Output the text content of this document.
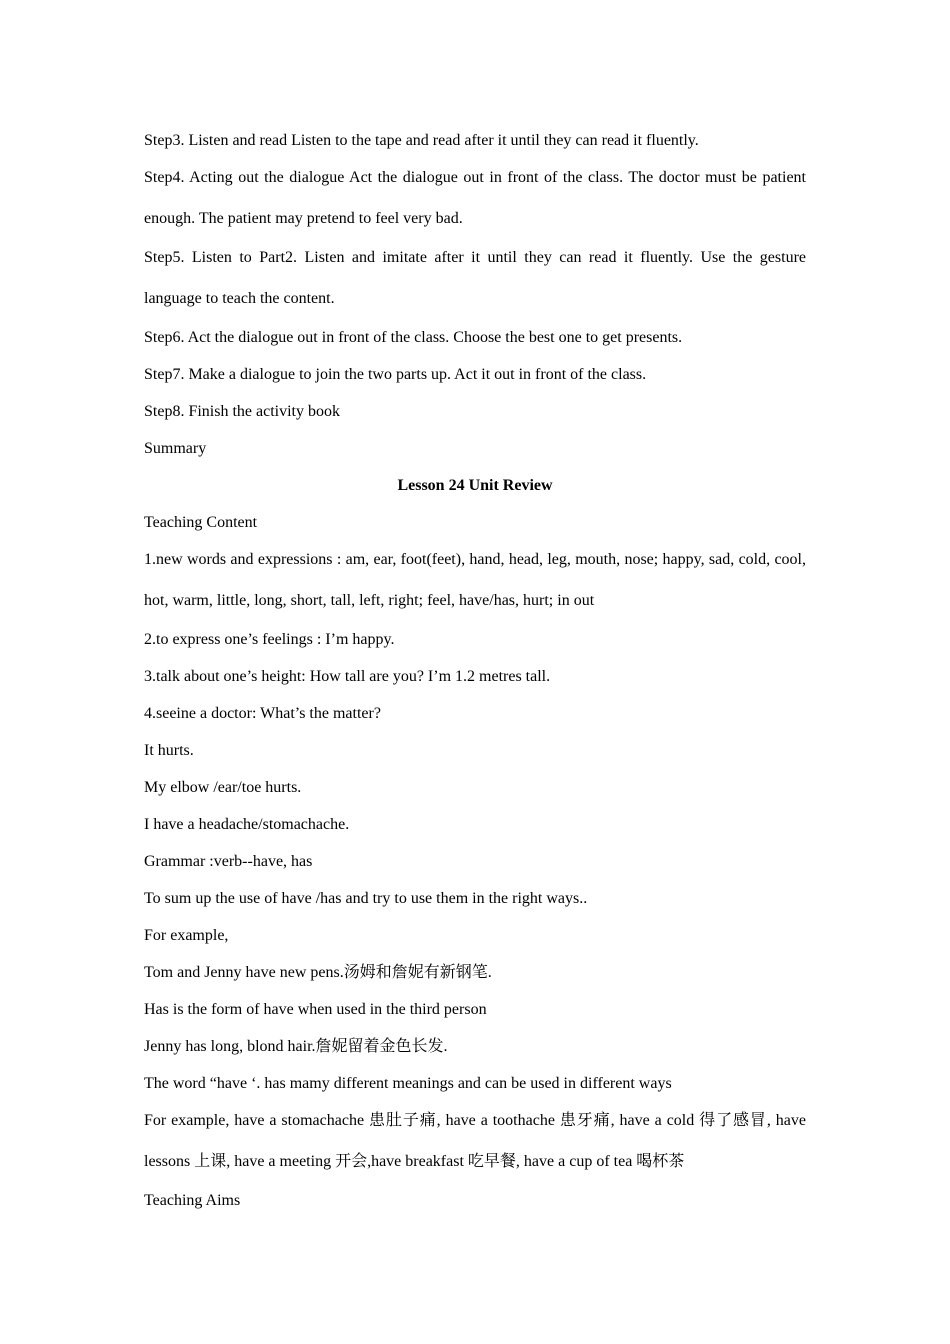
Step3. Listen and read Listen to the tape and read after it until they can read it fluently.

Step4. Acting out the dialogue Act the dialogue out in front of the class. The doctor must be patient enough. The patient may pretend to feel very bad.

Step5. Listen to Part2. Listen and imitate after it until they can read it fluently. Use the gesture language to teach the content.

Step6. Act the dialogue out in front of the class. Choose the best one to get presents.

Step7. Make a dialogue to join the two parts up. Act it out in front of the class.

Step8. Finish the activity book

Summary

Lesson 24 Unit Review

Teaching Content

1.new words and expressions : am, ear, foot(feet), hand, head, leg, mouth, nose; happy, sad, cold, cool, hot, warm, little, long, short, tall, left, right; feel, have/has, hurt; in out

2.to express one’s feelings : I’m happy.

3.talk about one’s height: How tall are you? I’m 1.2 metres tall.

4.seeine a doctor: What’s the matter?

It hurts.

My elbow /ear/toe hurts.

I have a headache/stomachache.

Grammar :verb--have, has

To sum up the use of have /has and try to use them in the right ways..

For example,

Tom and Jenny have new pens.汤姆和詹妮有新钢笔.

Has is the form of have when used in the third person

Jenny has long, blond hair.詹妮留着金色长发.

The word “have ‘. has mamy different meanings and can be used in different ways

For example, have a stomachache 患肚子痛, have a toothache 患牙痛, have a cold 得了感冒, have lessons 上课, have a meeting 开会,have breakfast 吃早餐, have a cup of tea 喝杯茶

Teaching Aims
